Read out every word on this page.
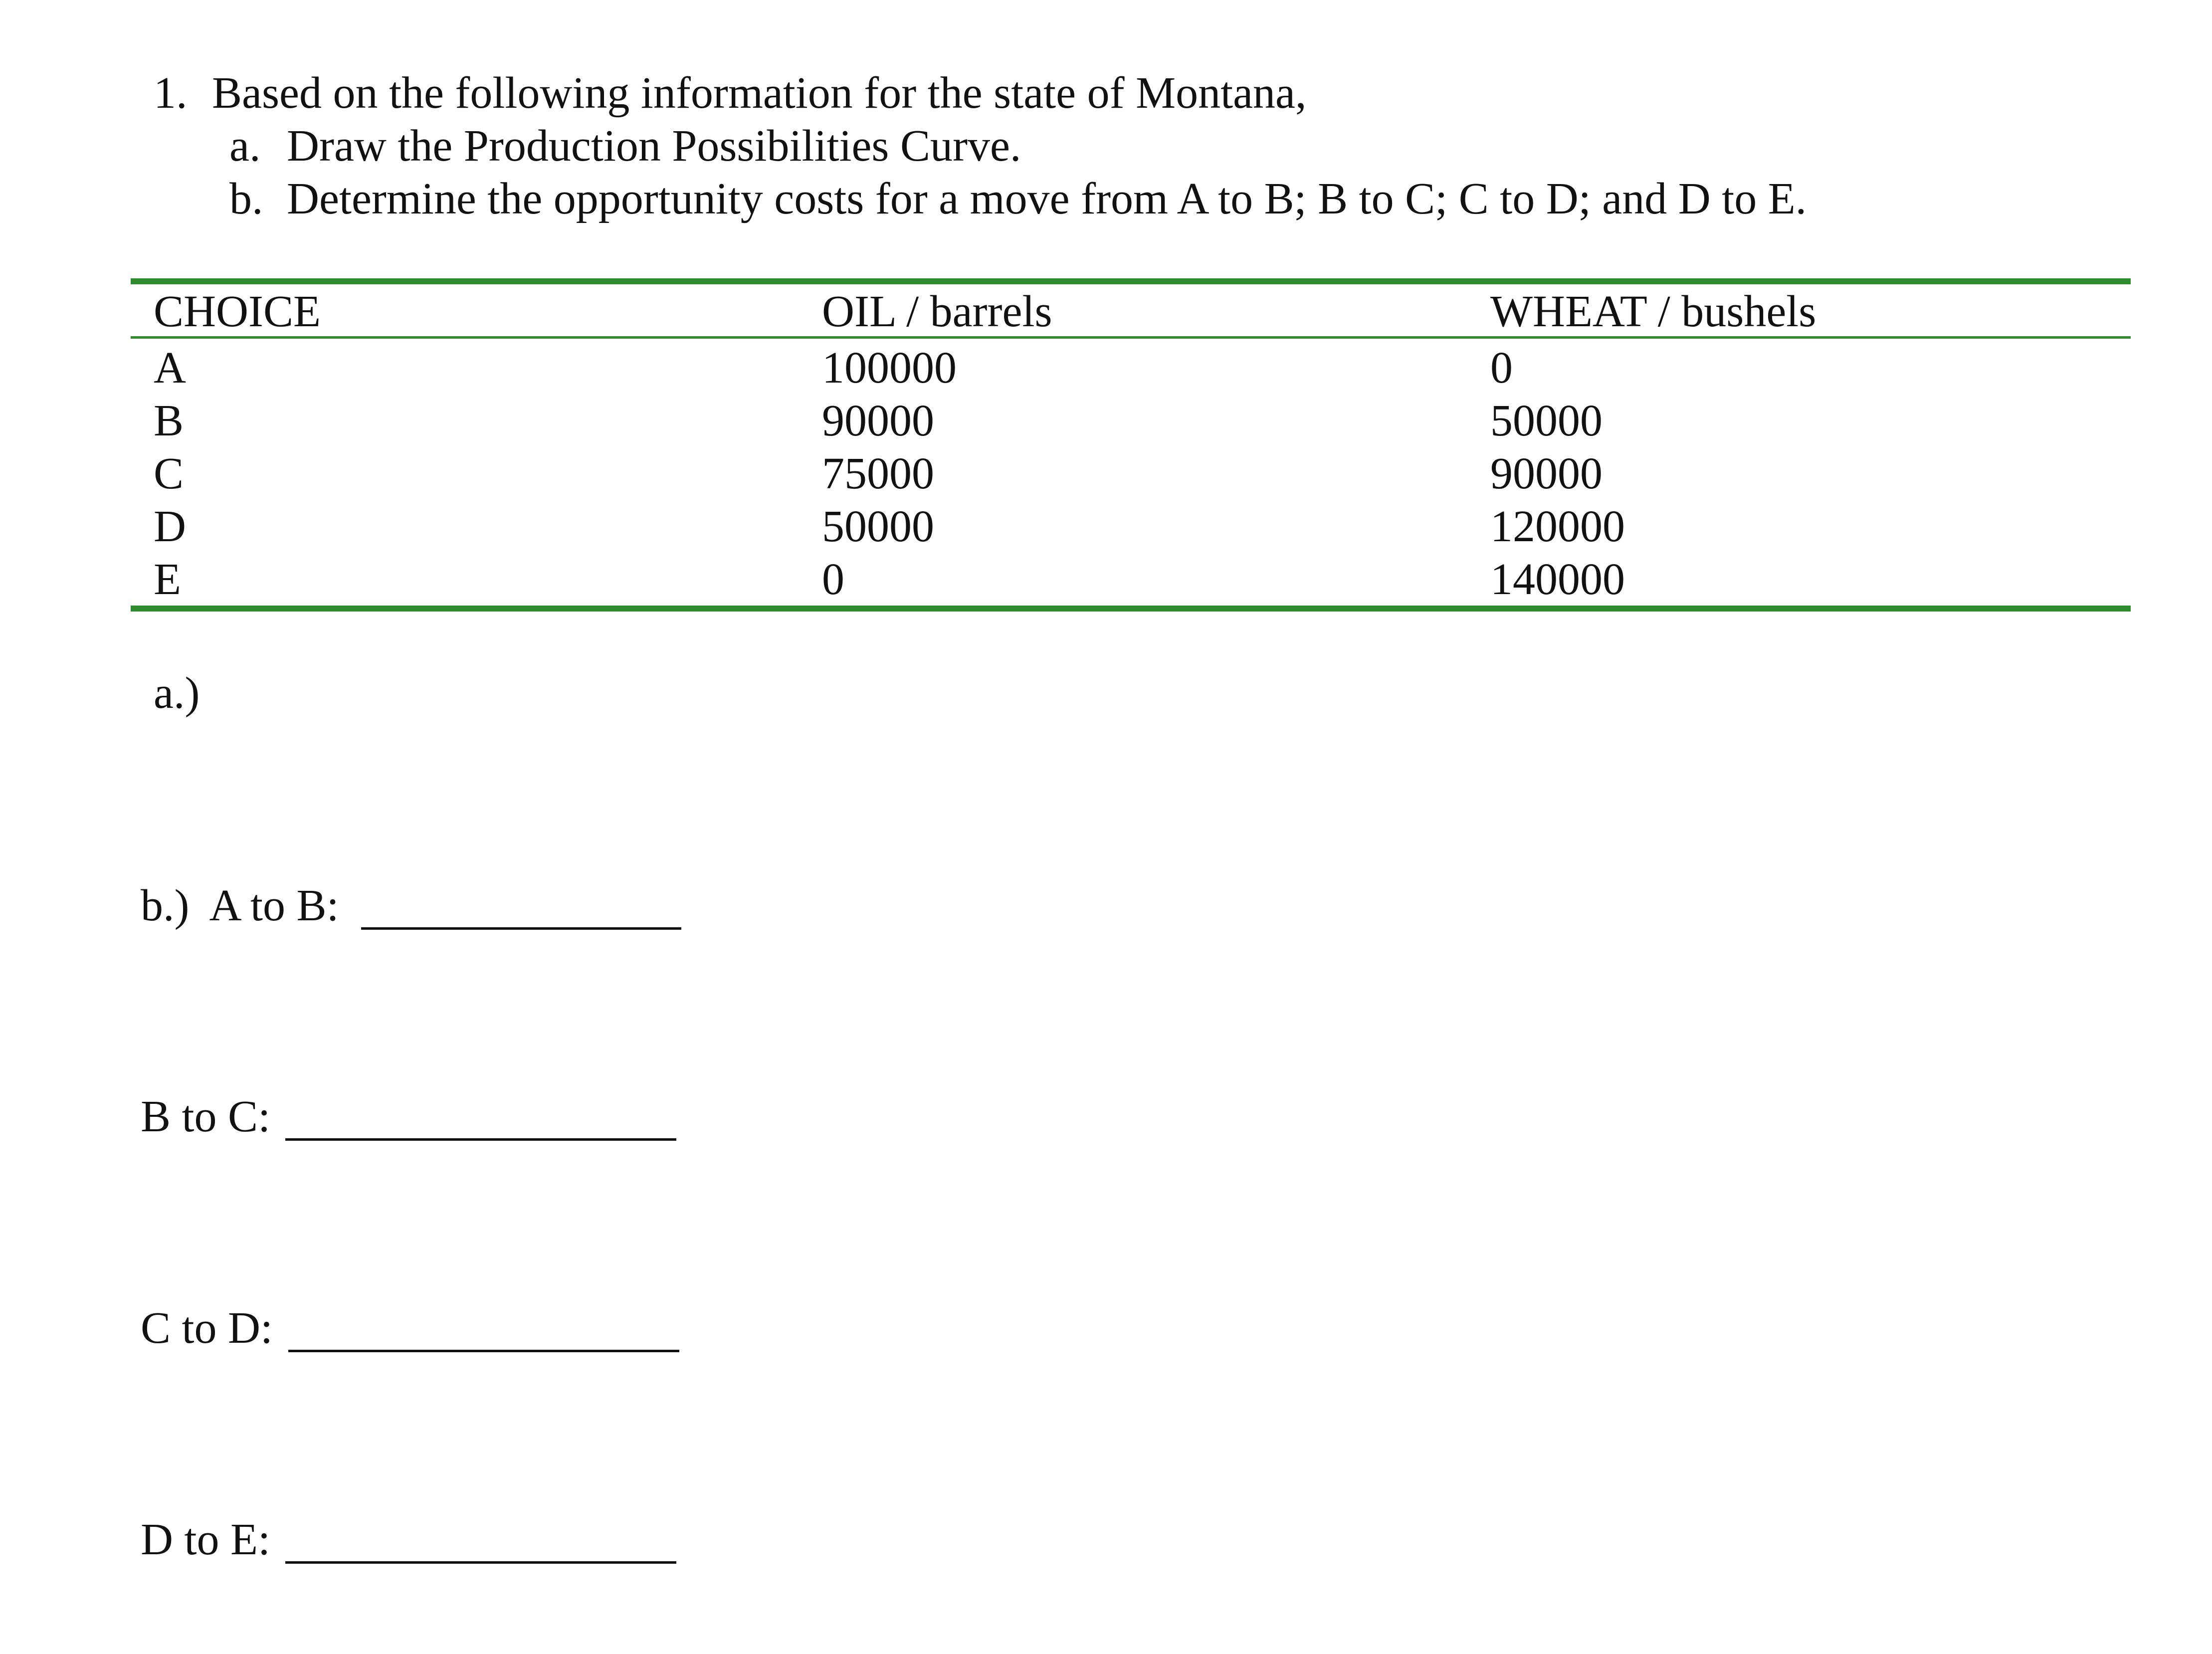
1. Based on the following information for the state of Montana,
a. Draw the Production Possibilities Curve.
b. Determine the opportunity costs for a move from A to B; B to C; C to D; and D to E.
CHOICE	OIL / barrels	WHEAT / bushels
A	100000	0
B	90000	50000
C	75000	90000
D	50000	120000
E	0	140000
a.)
b.)  A to B:
B to C:
C to D:
D to E:
